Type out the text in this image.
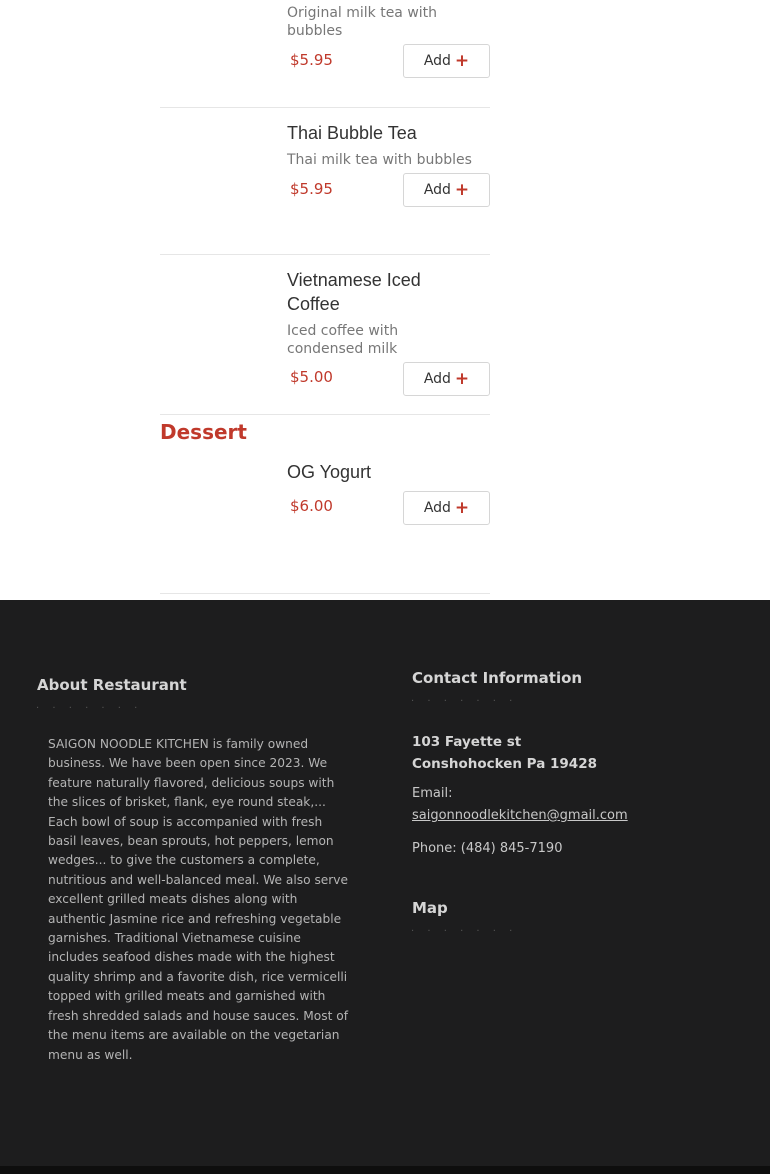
Original milk tea with bubbles
$5.95	Add +
Thai Bubble Tea
Thai milk tea with bubbles
$5.95	Add +
Vietnamese Iced Coffee
Iced coffee with condensed milk
$5.00	Add +
Dessert
OG Yogurt
$6.00	Add +
About Restaurant
· · · · · · ·
SAIGON NOODLE KITCHEN is family owned business. We have been open since 2023. We feature naturally flavored, delicious soups with the slices of brisket, flank, eye round steak,... Each bowl of soup is accompanied with fresh basil leaves, bean sprouts, hot peppers, lemon wedges... to give the customers a complete, nutritious and well-balanced meal. We also serve excellent grilled meats dishes along with authentic Jasmine rice and refreshing vegetable garnishes. Traditional Vietnamese cuisine includes seafood dishes made with the highest quality shrimp and a favorite dish, rice vermicelli topped with grilled meats and garnished with fresh shredded salads and house sauces. Most of the menu items are available on the vegetarian menu as well.
Contact Information
· · · · · · ·
103 Fayette st
Conshohocken Pa 19428
Email:
saigonnoodlekitchen@gmail.com
Phone: (484) 845-7190
Map
· · · · · · ·
